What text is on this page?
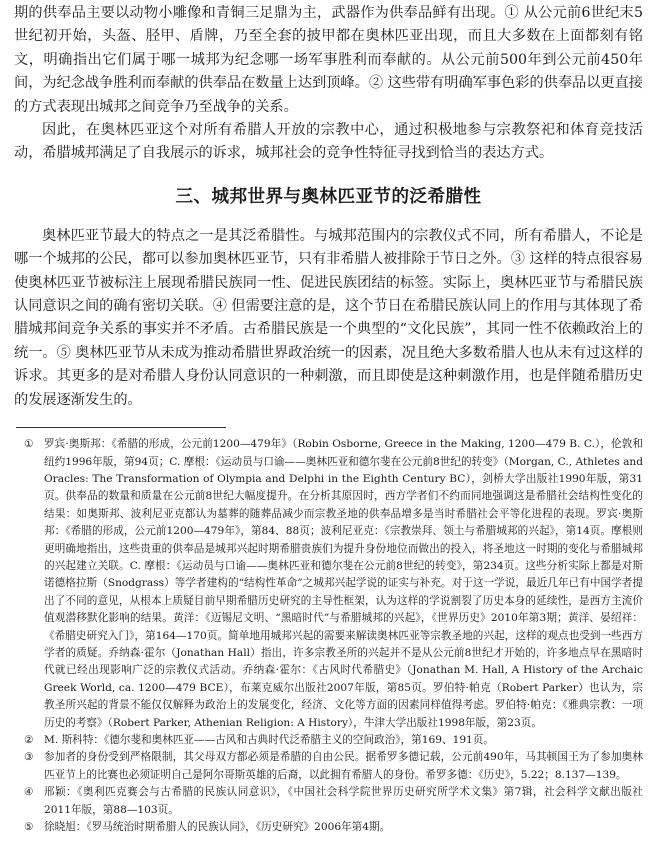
期的供奉品主要以动物小雕像和青铜三足鼎为主，武器作为供奉品鲜有出现。① 从公元前6世纪末5世纪初开始，头盔、胫甲、盾牌，乃至全套的披甲都在奥林匹亚出现，而且大多数在上面都刻有铭文，明确指出它们属于哪一城邦为纪念哪一场军事胜利而奉献的。从公元前500年到公元前450年间，为纪念战争胜利而奉献的供奉品在数量上达到顶峰。② 这些带有明确军事色彩的供奉品以更直接的方式表现出城邦之间竞争乃至战争的关系。

因此，在奥林匹亚这个对所有希腊人开放的宗教中心，通过积极地参与宗教祭祀和体育竞技活动，希腊城邦满足了自我展示的诉求，城邦社会的竞争性特征寻找到恰当的表达方式。

三、城邦世界与奥林匹亚节的泛希腊性

奥林匹亚节最大的特点之一是其泛希腊性。与城邦范围内的宗教仪式不同，所有希腊人，不论是哪一个城邦的公民，都可以参加奥林匹亚节，只有非希腊人被排除于节日之外。③ 这样的特点很容易使奥林匹亚节被标注上展现希腊民族同一性、促进民族团结的标签。实际上，奥林匹亚节与希腊民族认同意识之间的确有密切关联。④ 但需要注意的是，这个节日在希腊民族认同上的作用与其体现了希腊城邦间竞争关系的事实并不矛盾。古希腊民族是一个典型的“文化民族”，其同一性不依赖政治上的统一。⑤ 奥林匹亚节从未成为推动希腊世界政治统一的因素，况且绝大多数希腊人也从未有过这样的诉求。其更多的是对希腊人身份认同意识的一种刺激，而且即使是这种刺激作用，也是伴随希腊历史的发展逐渐发生的。

① 罗宾·奥斯邦：《希腊的形成，公元前1200—479年》（Robin Osborne, Greece in the Making, 1200—479 B. C.），伦敦和纽约1996年版，第94页；C. 摩根：《运动员与口谕——奥林匹亚和德尔斐在公元前8世纪的转变》（Morgan, C., Athletes and Oracles: The Transformation of Olympia and Delphi in the Eighth Century BC），剑桥大学出版社1990年版，第31页。供奉品的数量和质量在公元前8世纪大幅度提升。在分析其原因时，西方学者们不约而同地强调这是希腊社会结构性变化的结果：如奥斯邦、波利尼亚克都认为墓葬的随葬品减少而宗教圣地的供奉品增多是当时希腊社会平等化进程的表现。罗宾·奥斯邦：《希腊的形成，公元前1200—479年》，第84、88页；波利尼亚克：《宗教崇拜、领土与希腊城邦的兴起》，第14页。摩根则更明确地指出，这些贵重的供奉品是城邦兴起时期希腊贵族们为提升身份地位而做出的投入，将圣地这一时期的变化与希腊城邦的兴起建立关联。C. 摩根：《运动员与口谕——奥林匹亚和德尔斐在公元前8世纪的转变》，第234页。这些分析实际上都是对斯诺德格拉斯（Snodgrass）等学者建构的“结构性革命”之城邦兴起学说的证实与补充。对于这一学说，最近几年已有中国学者提出了不同的意见，从根本上质疑目前早期希腊历史研究的主导性框架，认为这样的学说割裂了历史本身的延续性，是西方主流价值观潜移默化影响的结果。黄洋：《迈锡尼文明、“黑暗时代”与希腊城邦的兴起》，《世界历史》2010年第3期；黄洋、晏绍祥：《希腊史研究入门》，第164—170页。简单地用城邦兴起的需要来解读奥林匹亚等宗教圣地的兴起，这样的观点也受到一些西方学者的质疑。乔纳森·霍尔（Jonathan Hall）指出，许多宗教圣所的兴起并不是从公元前8世纪才开始的，许多地点早在黑暗时代就已经出现影响广泛的宗教仪式活动。乔纳森·霍尔：《古风时代希腊史》（Jonathan M. Hall, A History of the Archaic Greek World, ca. 1200—479 BCE），布莱克威尔出版社2007年版，第85页。罗伯特·帕克（Robert Parker）也认为，宗教圣所兴起的背景不能仅仅解释为政治上的发展变化，经济、文化等方面的因素同样值得考虑。罗伯特·帕克：《雅典宗教：一项历史的考察》（Robert Parker, Athenian Religion: A History），牛津大学出版社1998年版，第23页。
② M. 斯科特：《德尔斐和奥林匹亚——古风和古典时代泛希腊主义的空间政治》，第169、191页。
③ 参加者的身份受到严格限制，其父母双方都必须是希腊的自由公民。据希罗多德记载，公元前490年，马其顿国王为了参加奥林匹亚节上的比赛也必须证明自己是阿尔哥斯英雄的后裔，以此拥有希腊人的身份。希罗多德：《历史》，5.22；8.137—139。
④ 邢颖：《奥利匹克赛会与古希腊的民族认同意识》，《中国社会科学院世界历史研究所学术文集》第7辑，社会科学文献出版社2011年版，第88—103页。
⑤ 徐晓旭：《罗马统治时期希腊人的民族认同》，《历史研究》2006年第4期。
